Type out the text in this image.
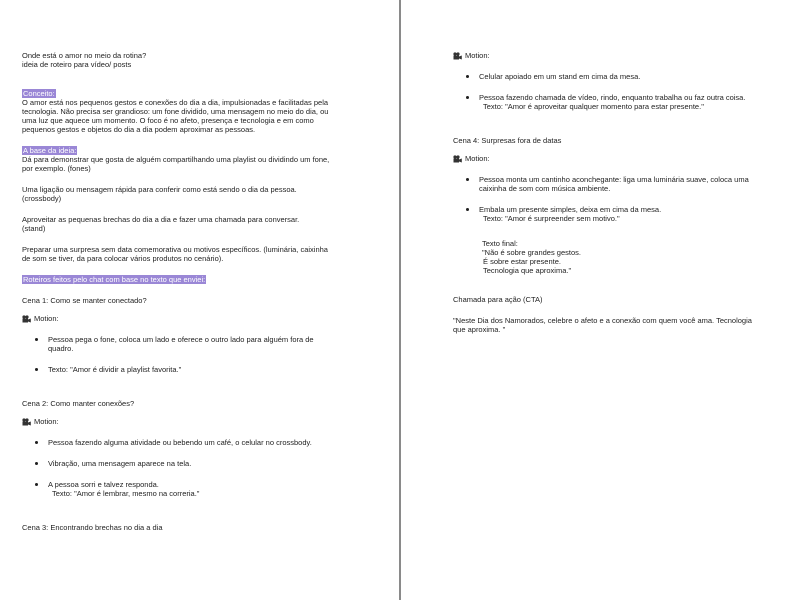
Onde está o amor no meio da rotina?

ideia de roteiro para vídeo/ posts

Conceito:

O amor está nos pequenos gestos e conexões do dia a dia, impulsionadas e facilitadas pela

tecnologia. Não precisa ser grandioso: um fone dividido, uma mensagem no meio do dia, ou

uma luz que aquece um momento. O foco é no afeto, presença e tecnologia e em como

pequenos gestos e objetos do dia a dia podem aproximar as pessoas.

A base da ideia:

Dá para demonstrar que gosta de alguém compartilhando uma playlist ou dividindo um fone,

por exemplo. (fones)

Uma ligação ou mensagem rápida para conferir como está sendo o dia da pessoa.

(crossbody)

Aproveitar as pequenas brechas do dia a dia e fazer uma chamada para conversar.

(stand)

Preparar uma surpresa sem data comemorativa ou motivos específicos. (luminária, caixinha

de som se tiver, da para colocar vários produtos no cenário).

Roteiros feitos pelo chat com base no texto que enviei:

Cena 1: Como se manter conectado?

Motion:

Pessoa pega o fone, coloca um lado e oferece o outro lado para alguém fora de

quadro.

Texto: "Amor é dividir a playlist favorita."

Cena 2: Como manter conexões?

Motion:

Pessoa fazendo alguma atividade ou bebendo um café, o celular no crossbody.

Vibração, uma mensagem aparece na tela.

A pessoa sorri e talvez responda.

Texto: "Amor é lembrar, mesmo na correria."

Cena 3: Encontrando brechas no dia a dia

Motion:

Celular apoiado em um stand em cima da mesa.

Pessoa fazendo chamada de vídeo, rindo, enquanto trabalha ou faz outra coisa.

Texto: "Amor é aproveitar qualquer momento para estar presente."

Cena 4: Surpresas fora de datas

Motion:

Pessoa monta um cantinho aconchegante: liga uma luminária suave, coloca uma

caixinha de som com música ambiente.

Embala um presente simples, deixa em cima da mesa.

Texto: "Amor é surpreender sem motivo."

Texto final:

"Não é sobre grandes gestos.

É sobre estar presente.

Tecnologia que aproxima."

Chamada para ação (CTA)

"Neste Dia dos Namorados, celebre o afeto e a conexão com quem você ama. Tecnologia

que aproxima. "
